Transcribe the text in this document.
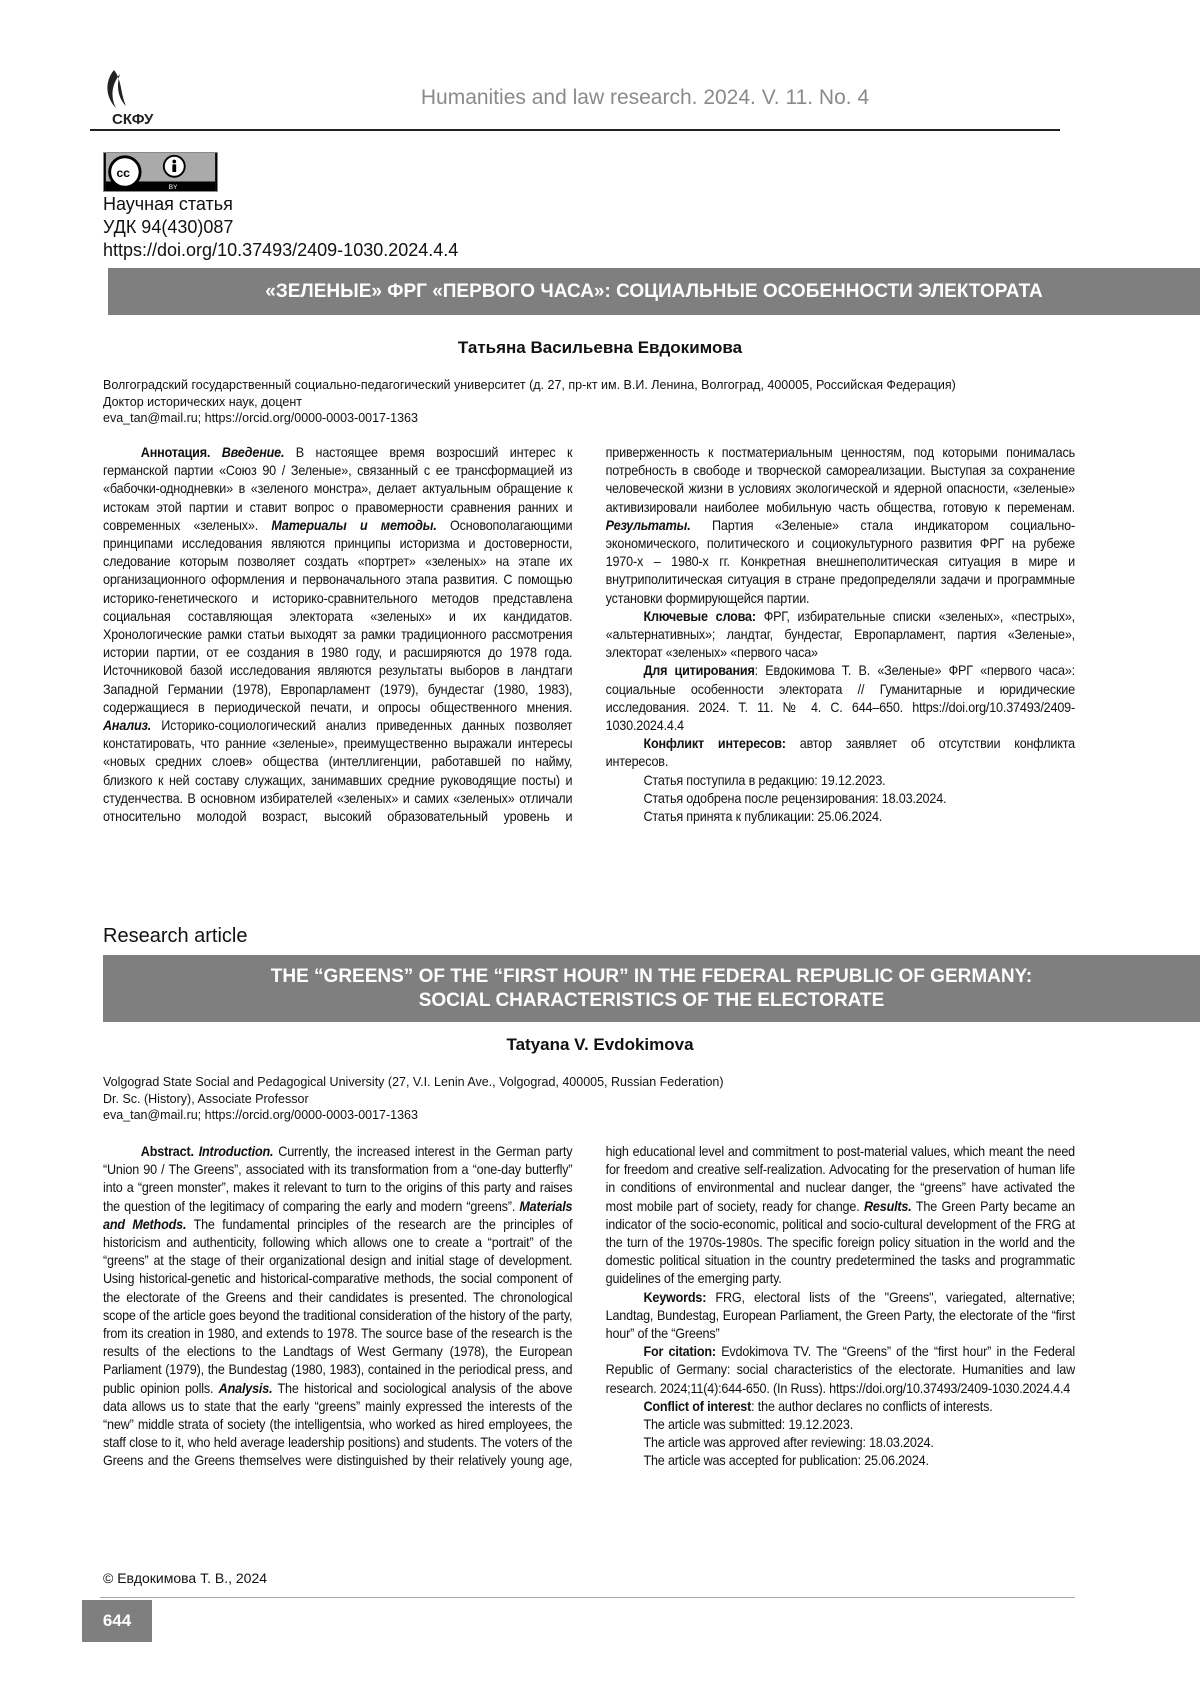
СКФУ
Humanities and law research. 2024. V. 11. No. 4
cc
BY
Научная статья
УДК 94(430)087
https://doi.org/10.37493/2409-1030.2024.4.4
«ЗЕЛЕНЫЕ» ФРГ «ПЕРВОГО ЧАСА»: СОЦИАЛЬНЫЕ ОСОБЕННОСТИ ЭЛЕКТОРАТА
Татьяна Васильевна Евдокимова
Волгоградский государственный социально-педагогический университет (д. 27, пр-кт им. В.И. Ленина, Волгоград, 400005, Российская Федерация)
Доктор исторических наук, доцент
eva_tan@mail.ru; https://orcid.org/0000-0003-0017-1363

Аннотация. Введение. В настоящее время возросший интерес к германской партии «Союз 90 / Зеленые», связанный с ее трансформацией из «бабочки-однодневки» в «зеленого монстра», делает актуальным обращение к истокам этой партии и ставит вопрос о правомерности сравнения ранних и современных «зеленых». Материалы и методы. Основополагающими принципами исследования являются принципы историзма и достоверности, следование которым позволяет создать «портрет» «зеленых» на этапе их организационного оформления и первоначального этапа развития. С помощью историко-генетического и историко-сравнительного методов представлена социальная составляющая электората «зеленых» и их кандидатов. Хронологические рамки статьи выходят за рамки традиционного рассмотрения истории партии, от ее создания в 1980 году, и расширяются до 1978 года. Источниковой базой исследования являются результаты выборов в ландтаги Западной Германии (1978), Европарламент (1979), бундестаг (1980, 1983), содержащиеся в периодической печати, и опросы общественного мнения. Анализ. Историко-социологический анализ приведенных данных позволяет констатировать, что ранние «зеленые», преимущественно выражали интересы «новых средних слоев» общества (интеллигенции, работавшей по найму, близкого к ней составу служащих, занимавших средние руководящие посты) и студенчества. В основном избирателей «зеленых» и самих «зеленых» отличали относительно молодой возраст, высокий образовательный уровень и приверженность к постматериальным ценностям, под которыми понималась потребность в свободе и творческой самореализации. Выступая за сохранение человеческой жизни в условиях экологической и ядерной опасности, «зеленые» активизировали наиболее мобильную часть общества, готовую к переменам. Результаты. Партия «Зеленые» стала индикатором социально-экономического, политического и социокультурного развития ФРГ на рубеже 1970-х – 1980-х гг. Конкретная внешнеполитическая ситуация в мире и внутриполитическая ситуация в стране предопределяли задачи и программные установки формирующейся партии.

Ключевые слова: ФРГ, избирательные списки «зеленых», «пестрых», «альтернативных»; ландтаг, бундестаг, Европарламент, партия «Зеленые», электорат «зеленых» «первого часа»

Для цитирования: Евдокимова Т. В. «Зеленые» ФРГ «первого часа»: социальные особенности электората // Гуманитарные и юридические исследования. 2024. Т. 11. № 4. С. 644–650. https://doi.org/10.37493/2409-1030.2024.4.4

Конфликт интересов: автор заявляет об отсутствии конфликта интересов.

Статья поступила в редакцию: 19.12.2023.
Статья одобрена после рецензирования: 18.03.2024.
Статья принята к публикации: 25.06.2024.
Research article
THE “GREENS” OF THE “FIRST HOUR” IN THE FEDERAL REPUBLIC OF GERMANY:
SOCIAL CHARACTERISTICS OF THE ELECTORATE
Tatyana V. Evdokimova
Volgograd State Social and Pedagogical University (27, V.I. Lenin Ave., Volgograd, 400005, Russian Federation)
Dr. Sc. (History), Associate Professor
eva_tan@mail.ru; https://orcid.org/0000-0003-0017-1363

Abstract. Introduction. Currently, the increased interest in the German party “Union 90 / The Greens”, associated with its transformation from a “one-day butterfly” into a “green monster”, makes it relevant to turn to the origins of this party and raises the question of the legitimacy of comparing the early and modern “greens”. Materials and Methods. The fundamental principles of the research are the principles of historicism and authenticity, following which allows one to create a “portrait” of the “greens” at the stage of their organizational design and initial stage of development. Using historical-genetic and historical-comparative methods, the social component of the electorate of the Greens and their candidates is presented. The chronological scope of the article goes beyond the traditional consideration of the history of the party, from its creation in 1980, and extends to 1978. The source base of the research is the results of the elections to the Landtags of West Germany (1978), the European Parliament (1979), the Bundestag (1980, 1983), contained in the periodical press, and public opinion polls. Analysis. The historical and sociological analysis of the above data allows us to state that the early “greens” mainly expressed the interests of the “new” middle strata of society (the intelligentsia, who worked as hired employees, the staff close to it, who held average leadership positions) and students. The voters of the Greens and the Greens themselves were distinguished by their relatively young age, high educational level and commitment to post-material values, which meant the need for freedom and creative self-realization. Advocating for the preservation of human life in conditions of environmental and nuclear danger, the “greens” have activated the most mobile part of society, ready for change. Results. The Green Party became an indicator of the socio-economic, political and socio-cultural development of the FRG at the turn of the 1970s-1980s. The specific foreign policy situation in the world and the domestic political situation in the country predetermined the tasks and programmatic guidelines of the emerging party.

Keywords: FRG, electoral lists of the "Greens", variegated, alternative; Landtag, Bundestag, European Parliament, the Green Party, the electorate of the “first hour” of the “Greens”

For citation: Evdokimova TV. The “Greens” of the “first hour” in the Federal Republic of Germany: social characteristics of the electorate. Humanities and law research. 2024;11(4):644-650. (In Russ). https://doi.org/10.37493/2409-1030.2024.4.4

Conflict of interest: the author declares no conflicts of interests.

The article was submitted: 19.12.2023.
The article was approved after reviewing: 18.03.2024.
The article was accepted for publication: 25.06.2024.
© Евдокимова Т. В., 2024
644
